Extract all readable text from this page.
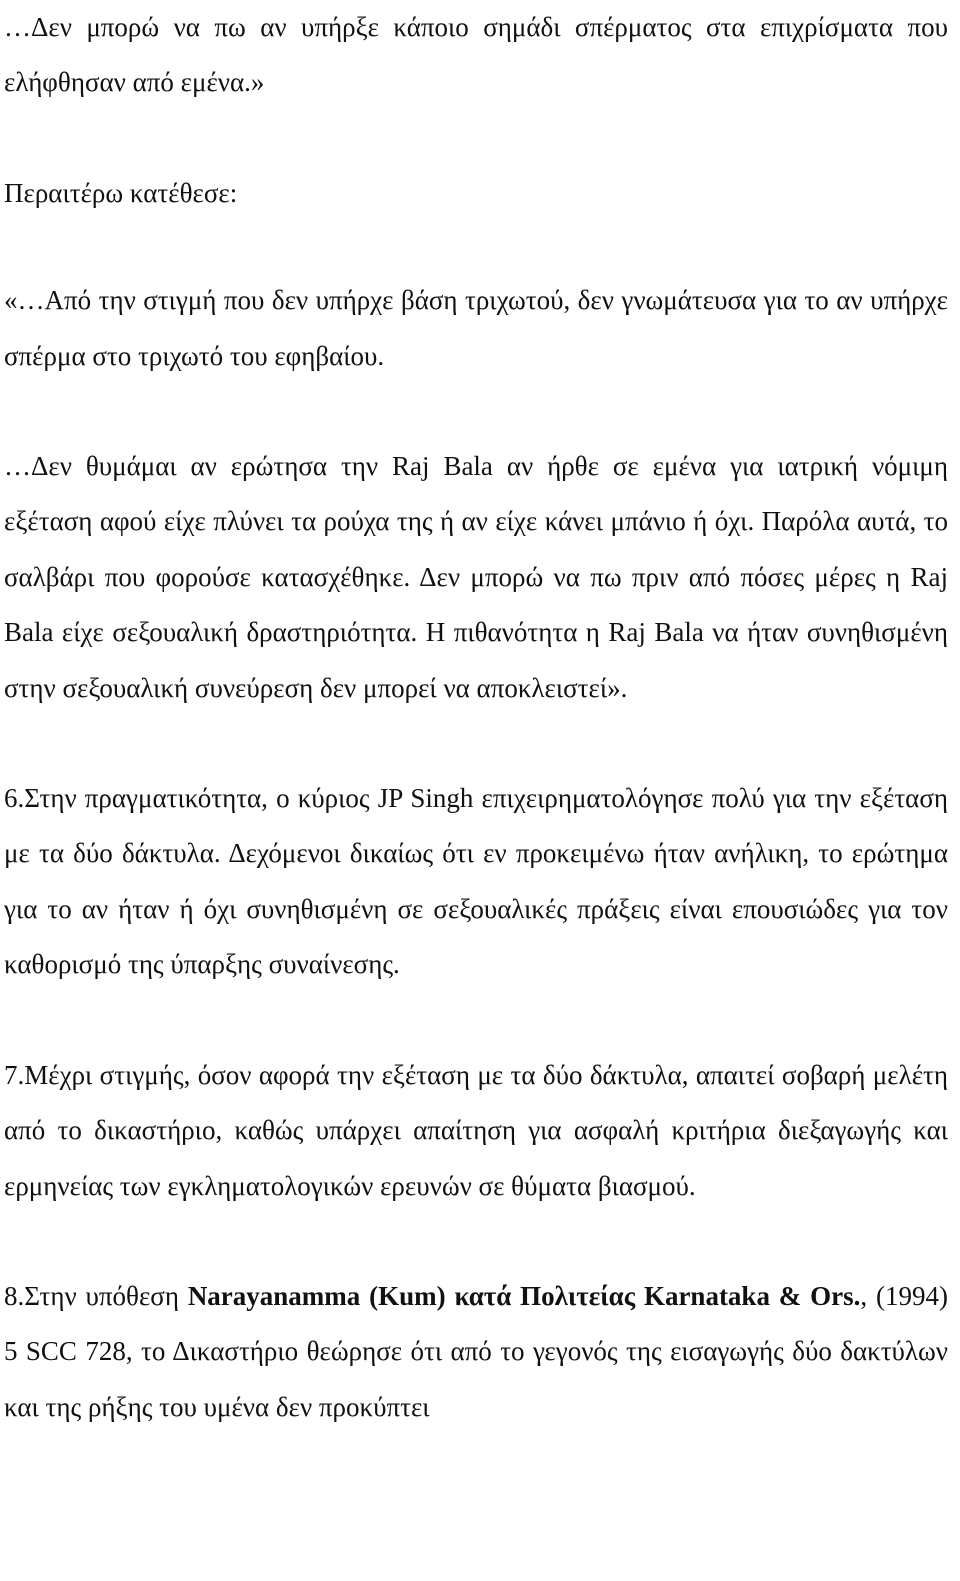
…Δεν μπορώ να πω αν υπήρξε κάποιο σημάδι σπέρματος στα επιχρίσματα που ελήφθησαν από εμένα.»

Περαιτέρω κατέθεσε:

«…Από την στιγμή που δεν υπήρχε βάση τριχωτού, δεν γνωμάτευσα για το αν υπήρχε σπέρμα στο τριχωτό του εφηβαίου.

…Δεν θυμάμαι αν ερώτησα την Raj Bala αν ήρθε σε εμένα για ιατρική νόμιμη εξέταση αφού είχε πλύνει τα ρούχα της ή αν είχε κάνει μπάνιο ή όχι. Παρόλα αυτά, το σαλβάρι που φορούσε κατασχέθηκε. Δεν μπορώ να πω πριν από πόσες μέρες η Raj Bala είχε σεξουαλική δραστηριότητα. Η πιθανότητα η Raj Bala να ήταν συνηθισμένη στην σεξουαλική συνεύρεση δεν μπορεί να αποκλειστεί».

6.Στην πραγματικότητα, ο κύριος JP Singh επιχειρηματολόγησε πολύ για την εξέταση με τα δύο δάκτυλα. Δεχόμενοι δικαίως ότι εν προκειμένω ήταν ανήλικη, το ερώτημα για το αν ήταν ή όχι συνηθισμένη σε σεξουαλικές πράξεις είναι επουσιώδες για τον καθορισμό της ύπαρξης συναίνεσης.

7.Μέχρι στιγμής, όσον αφορά την εξέταση με τα δύο δάκτυλα, απαιτεί σοβαρή μελέτη από το δικαστήριο, καθώς υπάρχει απαίτηση για ασφαλή κριτήρια διεξαγωγής και ερμηνείας των εγκληματολογικών ερευνών σε θύματα βιασμού.

8.Στην υπόθεση Narayanamma (Kum) κατά Πολιτείας Karnataka & Ors., (1994) 5 SCC 728, το Δικαστήριο θεώρησε ότι από το γεγονός της εισαγωγής δύο δακτύλων και της ρήξης του υμένα δεν προκύπτει
